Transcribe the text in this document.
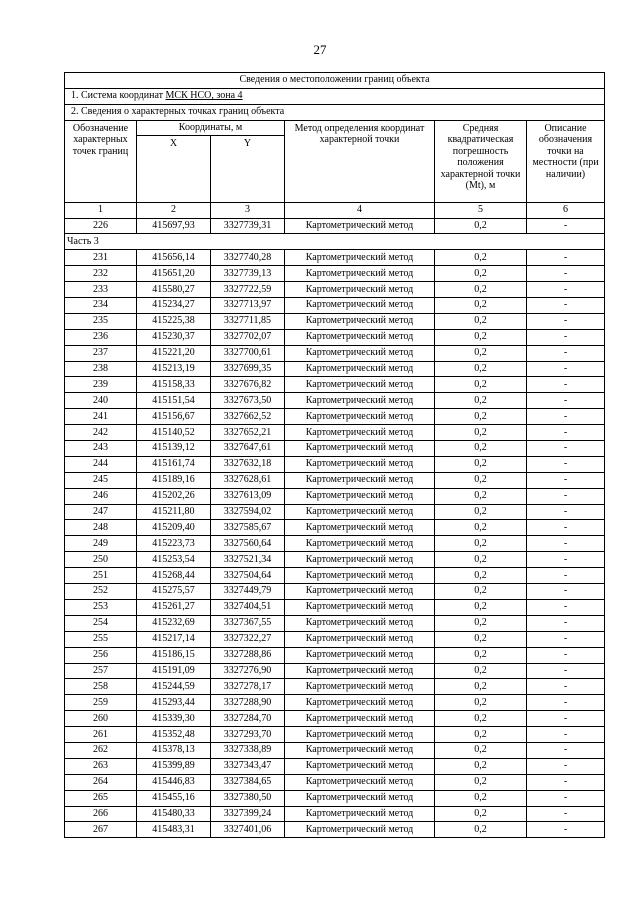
27
Сведения о местоположении границ объекта					
1. Система координат МСК НСО, зона 4					
2. Сведения о характерных точках границ объекта					
Обозначение характерных точек границ	Координаты, м		Метод определения координат характерной точки	Средняя квадратическая погрешность положения характерной точки (Mt), м	Описание обозначения точки на местности (при наличии)
	X	Y			
1	2	3	4	5	6
226	415697,93	3327739,31	Картометрический метод	0,2	-
Часть 3					
231	415656,14	3327740,28	Картометрический метод	0,2	-
232	415651,20	3327739,13	Картометрический метод	0,2	-
233	415580,27	3327722,59	Картометрический метод	0,2	-
234	415234,27	3327713,97	Картометрический метод	0,2	-
235	415225,38	3327711,85	Картометрический метод	0,2	-
236	415230,37	3327702,07	Картометрический метод	0,2	-
237	415221,20	3327700,61	Картометрический метод	0,2	-
238	415213,19	3327699,35	Картометрический метод	0,2	-
239	415158,33	3327676,82	Картометрический метод	0,2	-
240	415151,54	3327673,50	Картометрический метод	0,2	-
241	415156,67	3327662,52	Картометрический метод	0,2	-
242	415140,52	3327652,21	Картометрический метод	0,2	-
243	415139,12	3327647,61	Картометрический метод	0,2	-
244	415161,74	3327632,18	Картометрический метод	0,2	-
245	415189,16	3327628,61	Картометрический метод	0,2	-
246	415202,26	3327613,09	Картометрический метод	0,2	-
247	415211,80	3327594,02	Картометрический метод	0,2	-
248	415209,40	3327585,67	Картометрический метод	0,2	-
249	415223,73	3327560,64	Картометрический метод	0,2	-
250	415253,54	3327521,34	Картометрический метод	0,2	-
251	415268,44	3327504,64	Картометрический метод	0,2	-
252	415275,57	3327449,79	Картометрический метод	0,2	-
253	415261,27	3327404,51	Картометрический метод	0,2	-
254	415232,69	3327367,55	Картометрический метод	0,2	-
255	415217,14	3327322,27	Картометрический метод	0,2	-
256	415186,15	3327288,86	Картометрический метод	0,2	-
257	415191,09	3327276,90	Картометрический метод	0,2	-
258	415244,59	3327278,17	Картометрический метод	0,2	-
259	415293,44	3327288,90	Картометрический метод	0,2	-
260	415339,30	3327284,70	Картометрический метод	0,2	-
261	415352,48	3327293,70	Картометрический метод	0,2	-
262	415378,13	3327338,89	Картометрический метод	0,2	-
263	415399,89	3327343,47	Картометрический метод	0,2	-
264	415446,83	3327384,65	Картометрический метод	0,2	-
265	415455,16	3327380,50	Картометрический метод	0,2	-
266	415480,33	3327399,24	Картометрический метод	0,2	-
267	415483,31	3327401,06	Картометрический метод	0,2	-
